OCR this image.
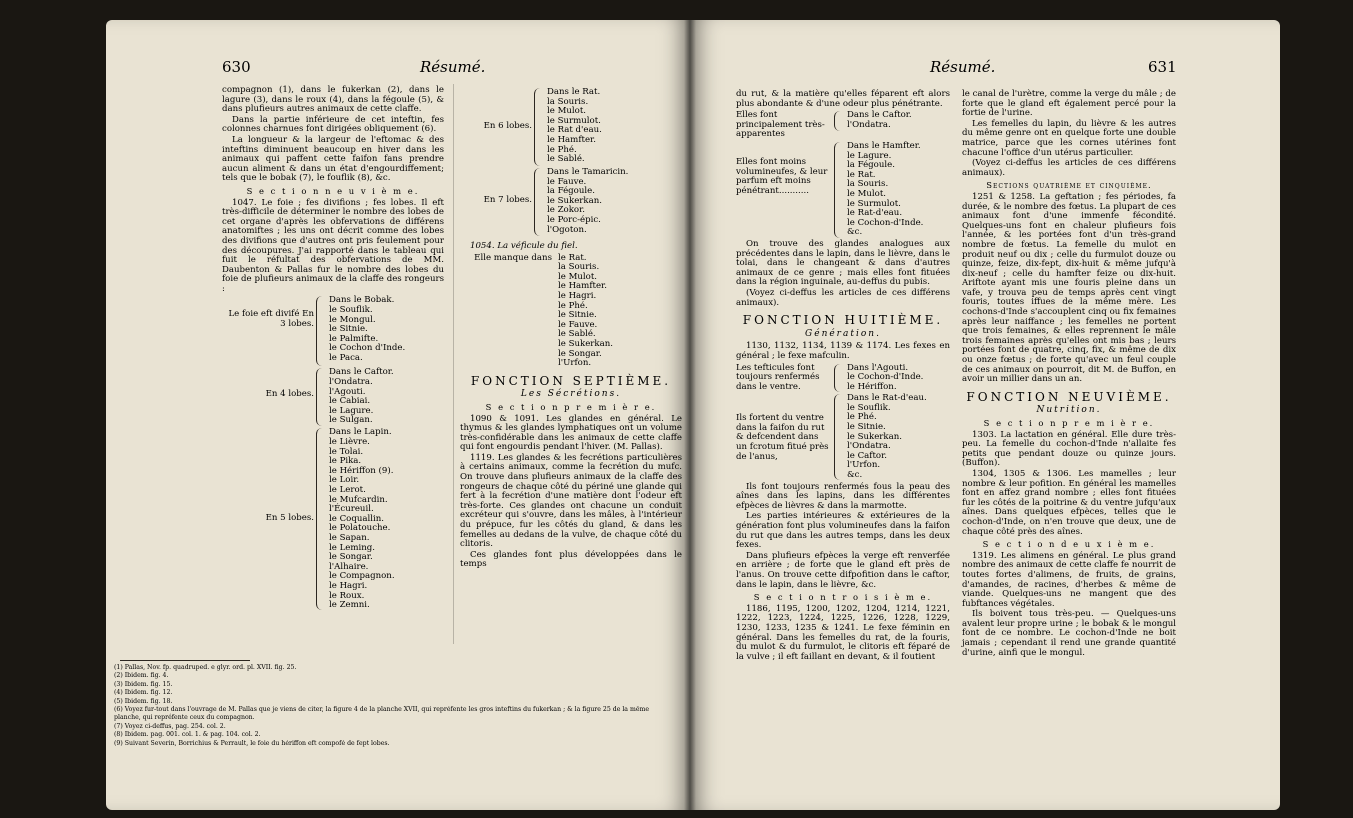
630	Résumé.

compagnon (1), dans le fukerkan (2), dans le lagure (3), dans le roux (4), dans la fégoule (5), & dans plufieurs autres animaux de cette claffe.

Dans la partie inférieure de cet inteftin, fes colonnes charnues font dirigées obliquement (6).

La longueur & la largeur de l'eftomac & des inteftins diminuent beaucoup en hiver dans les animaux qui paffent cette faifon fans prendre aucun aliment & dans un état d'engourdiffement; tels que le bobak (7), le fouflik (8), &c.

S e c t i o n n e u v i è m e.

1047. Le foie ; fes divifions ; fes lobes. Il eft très-difficile de déterminer le nombre des lobes de cet organe d'après les obfervations de différens anatomiftes ; les uns ont décrit comme des lobes des divifions que d'autres ont pris feulement pour des découpures. J'ai rapporté dans le tableau qui fuit le réfultat des obfervations de MM. Daubenton & Pallas fur le nombre des lobes du foie de plufieurs animaux de la claffe des rongeurs :

Le foie eft divifé En 3 lobes.
Dans le Bobak.
le Souflik.
le Mongul.
le Sitnie.
le Palmifte.
le Cochon d'Inde.
le Paca.
En 4 lobes.
Dans le Caftor.
l'Ondatra.
l'Agouti.
le Cabiai.
le Lagure.
le Sulgan.
En 5 lobes.
Dans le Lapin.
le Lièvre.
le Tolai.
le Pika.
le Hériffon (9).
le Loir.
le Lerot.
le Mufcardin.
l'Écureuil.
le Coquallin.
le Polatouche.
le Sapan.
le Leming.
le Songar.
l'Alhaire.
le Compagnon.
le Hagri.
le Roux.
le Zemni.
En 6 lobes.
Dans le Rat.
la Souris.
le Mulot.
le Surmulot.
le Rat d'eau.
le Hamfter.
le Phé.
le Sablé.
En 7 lobes.
Dans le Tamaricin.
le Fauve.
la Fégoule.
le Sukerkan.
le Zokor.
le Porc-épic.
l'Ogoton.

1054. La véficule du fiel.

Elle manque dans le Rat.
la Souris.
le Mulot.
le Hamfter.
le Hagri.
le Phé.
le Sitnie.
le Fauve.
le Sablé.
le Sukerkan.
le Songar.
l'Urfon.
FONCTION SEPTIÈME.
Les Sécrétions.
S e c t i o n p r e m i è r e.

1090 & 1091. Les glandes en général. Le thymus & les glandes lymphatiques ont un volume très-confidérable dans les animaux de cette claffe qui font engourdis pendant l'hiver. (M. Pallas).

1119. Les glandes & les fecrétions particulières à certains animaux, comme la fecrétion du mufc. On trouve dans plufieurs animaux de la claffe des rongeurs de chaque côté du périné une glande qui fert à la fecrétion d'une matière dont l'odeur eft très-forte. Ces glandes ont chacune un conduit excréteur qui s'ouvre, dans les mâles, à l'intérieur du prépuce, fur les côtés du gland, & dans les femelles au dedans de la vulve, de chaque côté du clitoris.

Ces glandes font plus développées dans le temps

(1) Pallas, Nov. fp. quadruped. e glyr. ord. pl. XVII. fig. 25.
(2) Ibidem. fig. 4.
(3) Ibidem. fig. 15.
(4) Ibidem. fig. 12.
(5) Ibidem. fig. 18.
(6) Voyez fur-tout dans l'ouvrage de M. Pallas que je viens de citer, la figure 4 de la planche XVII, qui repréfente les gros inteftins du fukerkan ; & la figure 25 de la même planche, qui repréfente ceux du compagnon.
(7) Voyez ci-deffus, pag. 254. col. 2.
(8) Ibidem. pag. 001. col. 1. & pag. 104. col. 2.
(9) Suivant Severin, Borrichius & Perrault, le foie du hériffon eft compofé de fept lobes.
Résumé.	631

du rut, & la matière qu'elles féparent eft alors plus abondante & d'une odeur plus pénétrante.

Elles font principalement très-apparentes
Dans le Caftor.
l'Ondatra.
Elles font moins volumineufes, & leur parfum eft moins pénétrant...........
Dans le Hamfter.
le Lagure.
la Fégoule.
le Rat.
la Souris.
le Mulot.
le Surmulot.
le Rat-d'eau.
le Cochon-d'Inde.
&c.

On trouve des glandes analogues aux précédentes dans le lapin, dans le lièvre, dans le tolai, dans le changeant & dans d'autres animaux de ce genre ; mais elles font fituées dans la région inguinale, au-deffus du pubis.

(Voyez ci-deffus les articles de ces différens animaux).

FONCTION HUITIÈME.
Génération.

1130, 1132, 1134, 1139 & 1174. Les fexes en général ; le fexe mafculin.

Les tefticules font toujours renfermés dans le ventre.
Dans l'Agouti.
le Cochon-d'Inde.
le Hériffon.
Ils fortent du ventre dans la faifon du rut & defcendent dans un fcrotum fitué près de l'anus,
Dans le Rat-d'eau.
le Souflik.
le Phé.
le Sitnie.
le Sukerkan.
l'Ondatra.
le Caftor.
l'Urfon.
&c.

Ils font toujours renfermés fous la peau des aînes dans les lapins, dans les différentes efpèces de lièvres & dans la marmotte.

Les parties intérieures & extérieures de la génération font plus volumineufes dans la faifon du rut que dans les autres temps, dans les deux fexes.

Dans plufieurs efpèces la verge eft renverfée en arrière ; de forte que le gland eft près de l'anus. On trouve cette difpofition dans le caftor, dans le lapin, dans le lièvre, &c.

S e c t i o n t r o i s i è m e.

1186, 1195, 1200, 1202, 1204, 1214, 1221, 1222, 1223, 1224, 1225, 1226, 1228, 1229, 1230, 1233, 1235 & 1241. Le fexe féminin en général. Dans les femelles du rat, de la fouris, du mulot & du furmulot, le clitoris eft féparé de la vulve ; il eft faillant en devant, & il foutient

le canal de l'urètre, comme la verge du mâle ; de forte que le gland eft également percé pour la fortie de l'urine.

Les femelles du lapin, du lièvre & les autres du même genre ont en quelque forte une double matrice, parce que les cornes utérines font chacune l'office d'un utérus particulier.

(Voyez ci-deffus les articles de ces différens animaux).

Sections quatrième et cinquième.

1251 & 1258. La geftation ; fes périodes, fa durée, & le nombre des fœtus. La plupart de ces animaux font d'une immenfe fécondité. Quelques-uns font en chaleur plufieurs fois l'année, & les portées font d'un très-grand nombre de fœtus. La femelle du mulot en produit neuf ou dix ; celle du furmulot douze ou quinze, feize, dix-fept, dix-huit & même jufqu'à dix-neuf ; celle du hamfter feize ou dix-huit. Ariftote ayant mis une fouris pleine dans un vafe, y trouva peu de temps après cent vingt fouris, toutes iffues de la même mère. Les cochons-d'Inde s'accouplent cinq ou fix femaines après leur naiffance ; les femelles ne portent que trois femaines, & elles reprennent le mâle trois femaines après qu'elles ont mis bas ; leurs portées font de quatre, cinq, fix, & même de dix ou onze fœtus ; de forte qu'avec un feul couple de ces animaux on pourroit, dit M. de Buffon, en avoir un millier dans un an.

FONCTION NEUVIÈME.
Nutrition.
S e c t i o n p r e m i è r e.

1303. La lactation en général. Elle dure très-peu. La femelle du cochon-d'Inde n'allaite fes petits que pendant douze ou quinze jours. (Buffon).

1304, 1305 & 1306. Les mamelles ; leur nombre & leur pofition. En général les mamelles font en affez grand nombre ; elles font fituées fur les côtés de la poitrine & du ventre jufqu'aux aînes. Dans quelques efpèces, telles que le cochon-d'Inde, on n'en trouve que deux, une de chaque côté près des aînes.

S e c t i o n d e u x i è m e.

1319. Les alimens en général. Le plus grand nombre des animaux de cette claffe fe nourrit de toutes fortes d'alimens, de fruits, de grains, d'amandes, de racines, d'herbes & même de viande. Quelques-uns ne mangent que des fubftances végétales.

Ils boivent tous très-peu. — Quelques-uns avalent leur propre urine ; le bobak & le mongul font de ce nombre. Le cochon-d'Inde ne boit jamais ; cependant il rend une grande quantité d'urine, ainfi que le mongul.
